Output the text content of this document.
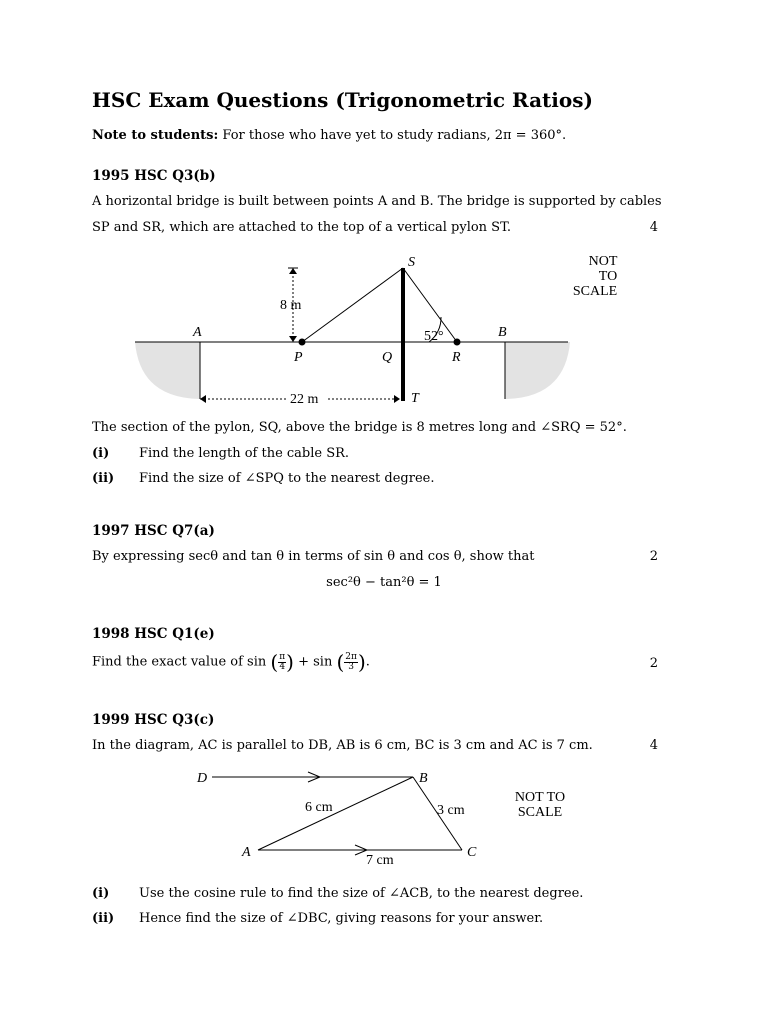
HSC Exam Questions (Trigonometric Ratios)
Note to students: For those who have yet to study radians, 2π = 360°.
1995 HSC Q3(b)
A horizontal bridge is built between points A and B. The bridge is supported by cables
SP and SR, which are attached to the top of a vertical pylon ST.	4
S
A	B
P	Q	R
T
8 m
22 m
52°
NOT
TO
SCALE
The section of the pylon, SQ, above the bridge is 8 metres long and ∠SRQ = 52°.
(i) Find the length of the cable SR.
(ii) Find the size of ∠SPQ to the nearest degree.
1997 HSC Q7(a)
By expressing secθ and tan θ in terms of sin θ and cos θ, show that	2
sec²θ − tan²θ = 1
1998 HSC Q1(e)
Find the exact value of sin ( $\frac{\pi}{4}$ ) + sin ( $\frac{2\pi}{3}$ ).	2
1999 HSC Q3(c)
In the diagram, AC is parallel to DB, AB is 6 cm, BC is 3 cm and AC is 7 cm.	4
D	B
A	C
6 cm	3 cm
7 cm
NOT TO
SCALE
(i) Use the cosine rule to find the size of ∠ACB, to the nearest degree.
(ii) Hence find the size of ∠DBC, giving reasons for your answer.
